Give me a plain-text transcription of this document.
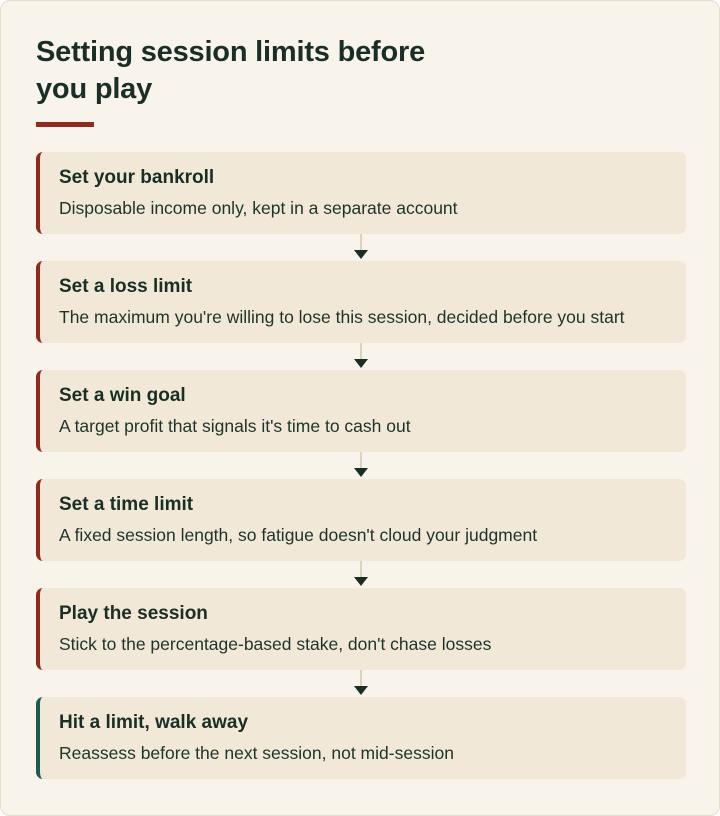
Setting session limits before you play
Set your bankroll
Disposable income only, kept in a separate account
Set a loss limit
The maximum you're willing to lose this session, decided before you start
Set a win goal
A target profit that signals it's time to cash out
Set a time limit
A fixed session length, so fatigue doesn't cloud your judgment
Play the session
Stick to the percentage-based stake, don't chase losses
Hit a limit, walk away
Reassess before the next session, not mid-session
